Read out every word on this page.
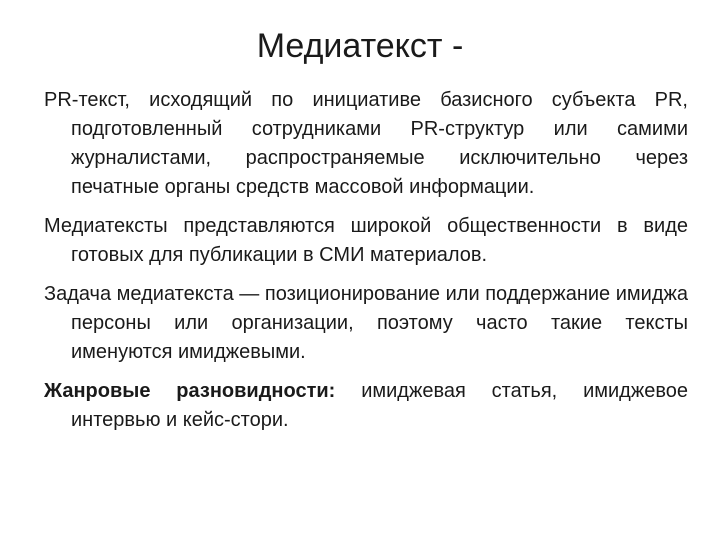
Медиатекст -

PR-текст, исходящий по инициативе базисного субъекта PR, подготовленный сотрудниками PR-структур или самими журналистами, распространяемые исключительно через печатные органы средств массовой информации.

Медиатексты представляются широкой общественности в виде готовых для публикации в СМИ материалов.

Задача медиатекста — позиционирование или поддержание имиджа персоны или организации, поэтому часто такие тексты именуются имиджевыми.

Жанровые разновидности: имиджевая статья, имиджевое интервью и кейс-стори.
